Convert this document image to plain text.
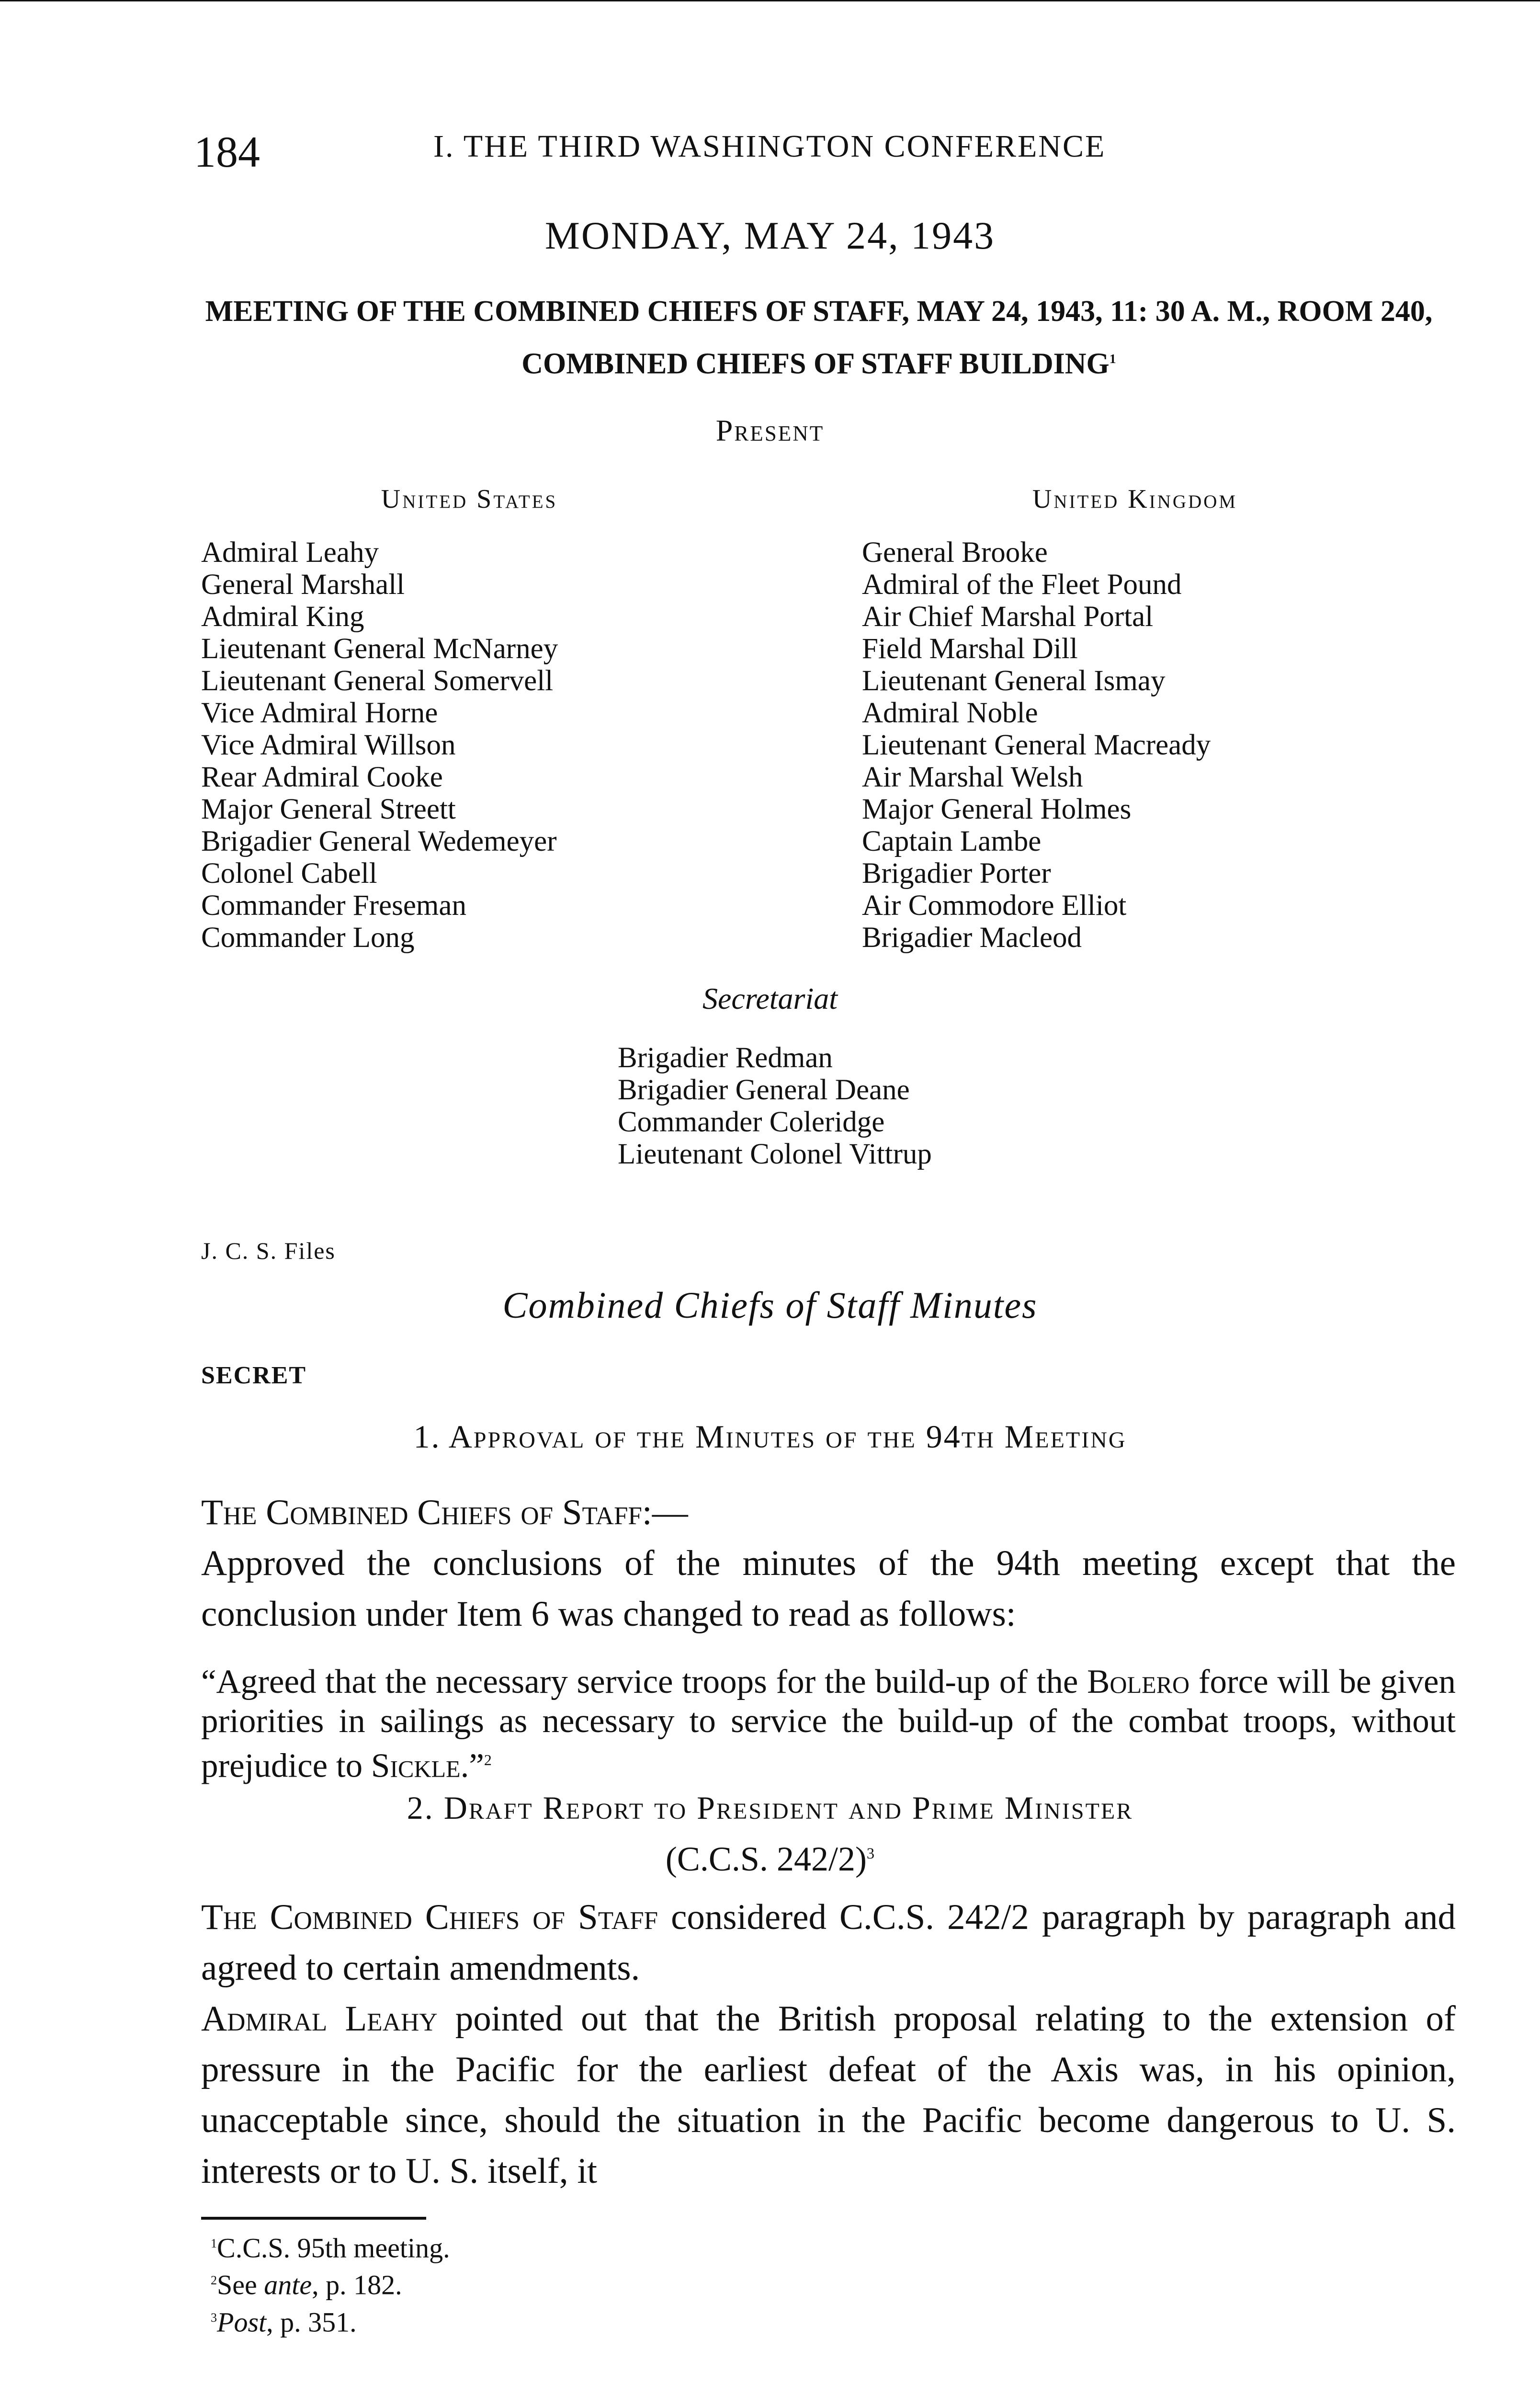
184	I. THE THIRD WASHINGTON CONFERENCE
MONDAY, MAY 24, 1943
MEETING OF THE COMBINED CHIEFS OF STAFF, MAY 24, 1943, 11: 30 A. M., ROOM 240, COMBINED CHIEFS OF STAFF BUILDING$^1$
Present
United States	United Kingdom
Admiral Leahy
General Marshall
Admiral King
Lieutenant General McNarney
Lieutenant General Somervell
Vice Admiral Horne
Vice Admiral Willson
Rear Admiral Cooke
Major General Streett
Brigadier General Wedemeyer
Colonel Cabell
Commander Freseman
Commander Long
General Brooke
Admiral of the Fleet Pound
Air Chief Marshal Portal
Field Marshal Dill
Lieutenant General Ismay
Admiral Noble
Lieutenant General Macready
Air Marshal Welsh
Major General Holmes
Captain Lambe
Brigadier Porter
Air Commodore Elliot
Brigadier Macleod
Secretariat
Brigadier Redman
Brigadier General Deane
Commander Coleridge
Lieutenant Colonel Vittrup
J. C. S. Files
Combined Chiefs of Staff Minutes
SECRET
1. Approval of the Minutes of the 94th Meeting

The Combined Chiefs of Staff:—

Approved the conclusions of the minutes of the 94th meeting except that the conclusion under Item 6 was changed to read as follows:

“Agreed that the necessary service troops for the build-up of the Bolero force will be given priorities in sailings as necessary to service the build-up of the combat troops, without prejudice to Sickle.”$^2$
2. Draft Report to President and Prime Minister
(C.C.S. 242/2)$^3$

The Combined Chiefs of Staff considered C.C.S. 242/2 paragraph by paragraph and agreed to certain amendments.

Admiral Leahy pointed out that the British proposal relating to the extension of pressure in the Pacific for the earliest defeat of the Axis was, in his opinion, unacceptable since, should the situation in the Pacific become dangerous to U. S. interests or to U. S. itself, it

$^1$C.C.S. 95th meeting.
$^2$See ante, p. 182.
$^3$Post, p. 351.
